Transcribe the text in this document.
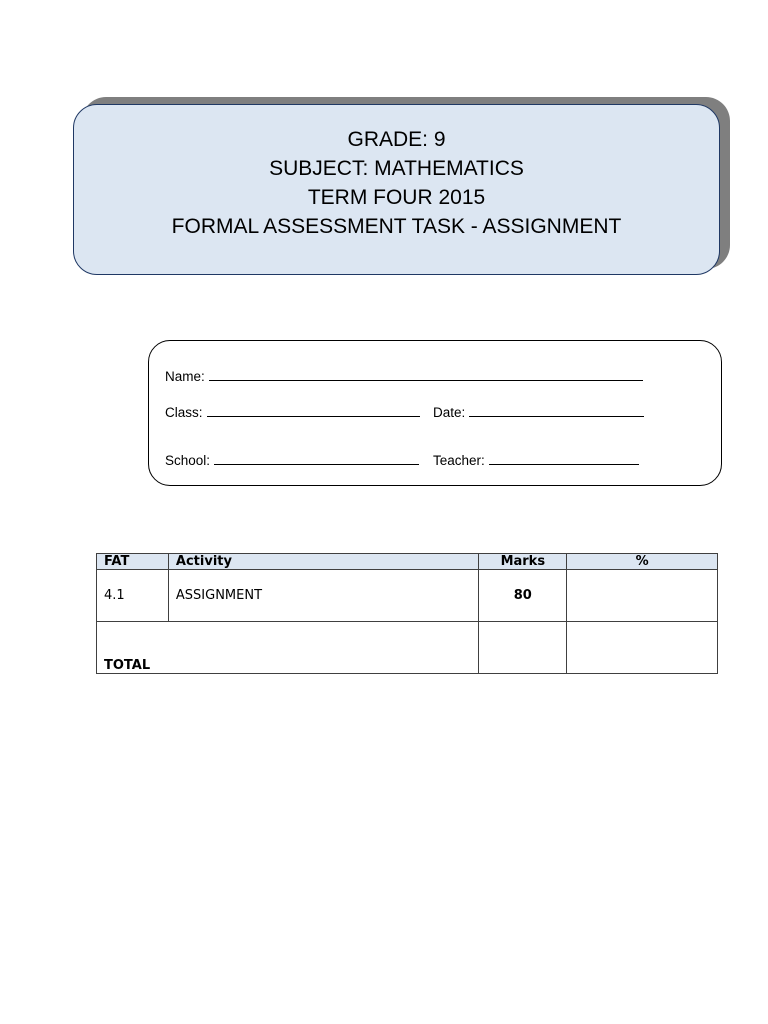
GRADE: 9
SUBJECT: MATHEMATICS
TERM FOUR 2015
FORMAL ASSESSMENT TASK - ASSIGNMENT
Name:
Class:	Date:
School:	Teacher:
FAT	Activity	Marks	%
4.1	ASSIGNMENT	80	
TOTAL			
